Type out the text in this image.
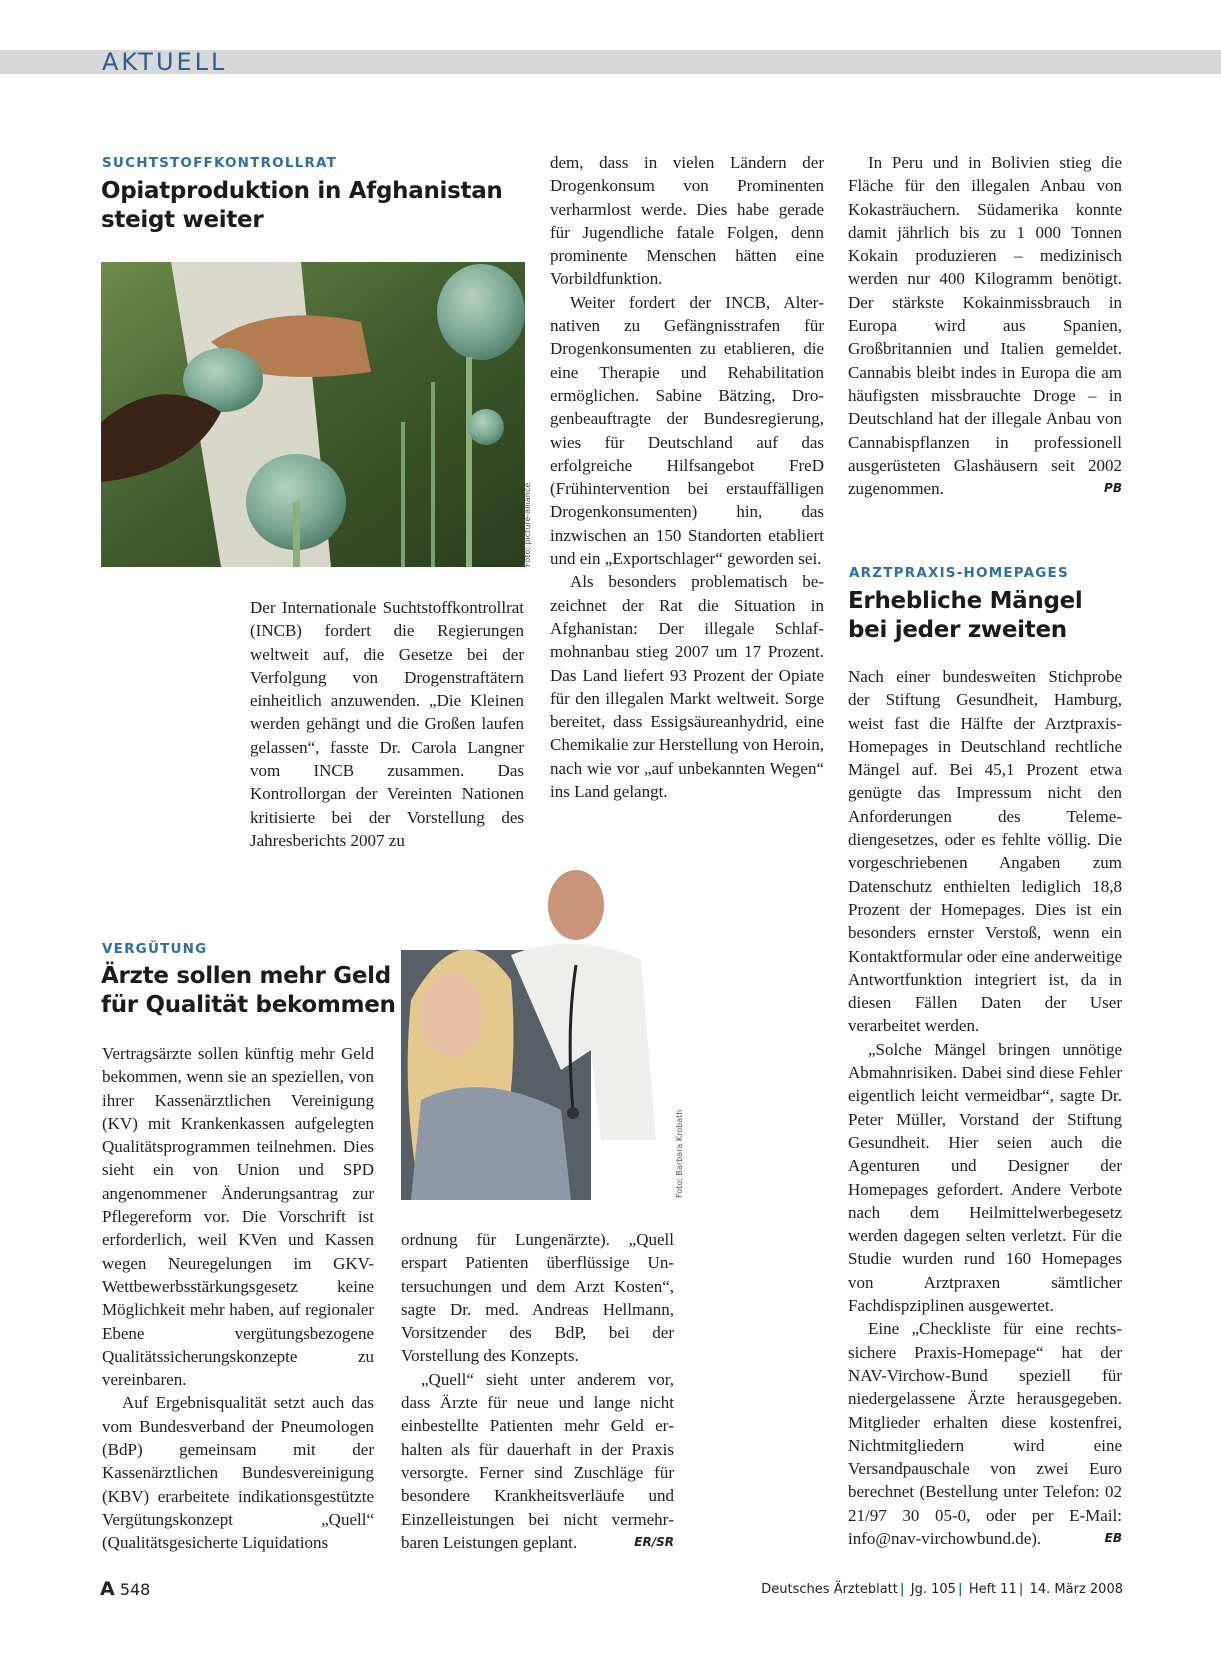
AKTUELL
SUCHTSTOFFKONTROLLRAT
Opiatproduktion in Afghanistan
steigt weiter
Foto: picture-alliance

Der Internationale Suchtstoffkontrollrat (INCB) fordert die Regierungen weltweit auf, die Gesetze bei der Verfolgung von Drogenstraftätern einheitlich anzuwenden. „Die Kleinen werden gehängt und die Großen laufen gelassen“, fasste Dr. Carola Langner vom INCB zusammen. Das Kontrollorgan der Vereinten Nationen kritisierte bei der Vorstellung des Jahresberichts 2007 zu

dem, dass in vielen Ländern der Drogenkonsum von Prominenten verharmlost werde. Dies habe gerade für Jugendliche fatale Folgen, denn prominente Menschen hätten eine Vorbildfunktion.

Weiter fordert der INCB, Alternativen zu Gefängnisstrafen für Drogenkonsumenten zu etablieren, die eine Therapie und Rehabilitation ermöglichen. Sabine Bätzing, Drogenbeauftragte der Bundesregierung, wies für Deutschland auf das erfolgreiche Hilfsangebot FreD (Frühintervention bei erstauffälligen Drogenkonsumenten) hin, das inzwischen an 150 Standorten etabliert und ein „Exportschlager“ geworden sei.

Als besonders problematisch bezeichnet der Rat die Situation in Afghanistan: Der illegale Schlafmohnanbau stieg 2007 um 17 Prozent. Das Land liefert 93 Prozent der Opiate für den illegalen Markt weltweit. Sorge bereitet, dass Essigsäureanhydrid, eine Chemikalie zur Herstellung von Heroin, nach wie vor „auf unbekannten Wegen“ ins Land gelangt.

In Peru und in Bolivien stieg die Fläche für den illegalen Anbau von Kokasträuchern. Südamerika konnte damit jährlich bis zu 1 000 Tonnen Kokain produzieren – medizinisch werden nur 400 Kilogramm benötigt. Der stärkste Kokainmissbrauch in Europa wird aus Spanien, Großbritannien und Italien gemeldet. Cannabis bleibt indes in Europa die am häufigsten missbrauchte Droge – in Deutschland hat der illegale Anbau von Cannabispflanzen in professionell ausgerüsteten Glashäusern seit 2002 zugenommen.	PB

VERGÜTUNG
Ärzte sollen mehr Geld
für Qualität bekommen
Foto: Barbara Krobath

Vertragsärzte sollen künftig mehr Geld bekommen, wenn sie an speziellen, von ihrer Kassenärztlichen Vereinigung (KV) mit Krankenkassen aufgelegten Qualitätsprogrammen teilnehmen. Dies sieht ein von Union und SPD angenommener Änderungsantrag zur Pflegereform vor. Die Vorschrift ist erforderlich, weil KVen und Kassen wegen Neuregelungen im GKV-Wettbewerbsstärkungsgesetz keine Möglichkeit mehr haben, auf regionaler Ebene vergütungsbezogene Qualitätssicherungskonzepte zu vereinbaren.

Auf Ergebnisqualität setzt auch das vom Bundesverband der Pneumologen (BdP) gemeinsam mit der Kassenärztlichen Bundesvereinigung (KBV) erarbeitete indikationsgestützte Vergütungskonzept „Quell“ (Qualitätsgesicherte Liquidations

ordnung für Lungenärzte). „Quell erspart Patienten überflüssige Untersuchungen und dem Arzt Kosten“, sagte Dr. med. Andreas Hellmann, Vorsitzender des BdP, bei der Vorstellung des Konzepts.

„Quell“ sieht unter anderem vor, dass Ärzte für neue und lange nicht einbestellte Patienten mehr Geld erhalten als für dauerhaft in der Praxis versorgte. Ferner sind Zuschläge für besondere Krankheitsverläufe und Einzelleistungen bei nicht vermehrbaren Leistungen geplant.	ER/SR

ARZTPRAXIS-HOMEPAGES
Erhebliche Mängel
bei jeder zweiten

Nach einer bundesweiten Stichprobe der Stiftung Gesundheit, Hamburg, weist fast die Hälfte der Arztpraxis-Homepages in Deutschland rechtliche Mängel auf. Bei 45,1 Prozent etwa genügte das Impressum nicht den Anforderungen des Telemediengesetzes, oder es fehlte völlig. Die vorgeschriebenen Angaben zum Datenschutz enthielten lediglich 18,8 Prozent der Homepages. Dies ist ein besonders ernster Verstoß, wenn ein Kontaktformular oder eine anderweitige Antwortfunktion integriert ist, da in diesen Fällen Daten der User verarbeitet werden.

„Solche Mängel bringen unnötige Abmahnrisiken. Dabei sind diese Fehler eigentlich leicht vermeidbar“, sagte Dr. Peter Müller, Vorstand der Stiftung Gesundheit. Hier seien auch die Agenturen und Designer der Homepages gefordert. Andere Verbote nach dem Heilmittelwerbegesetz werden dagegen selten verletzt. Für die Studie wurden rund 160 Homepages von Arztpraxen sämtlicher Fachdispziplinen ausgewertet.

Eine „Checkliste für eine rechtssichere Praxis-Homepage“ hat der NAV-Virchow-Bund speziell für niedergelassene Ärzte herausgegeben. Mitglieder erhalten diese kostenfrei, Nichtmitgliedern wird eine Versandpauschale von zwei Euro berechnet (Bestellung unter Telefon: 02 21/97 30 05-0, oder per E-Mail: info@nav-virchowbund.de).	EB

A 548	Deutsches Ärzteblatt | Jg. 105 | Heft 11 | 14. März 2008
